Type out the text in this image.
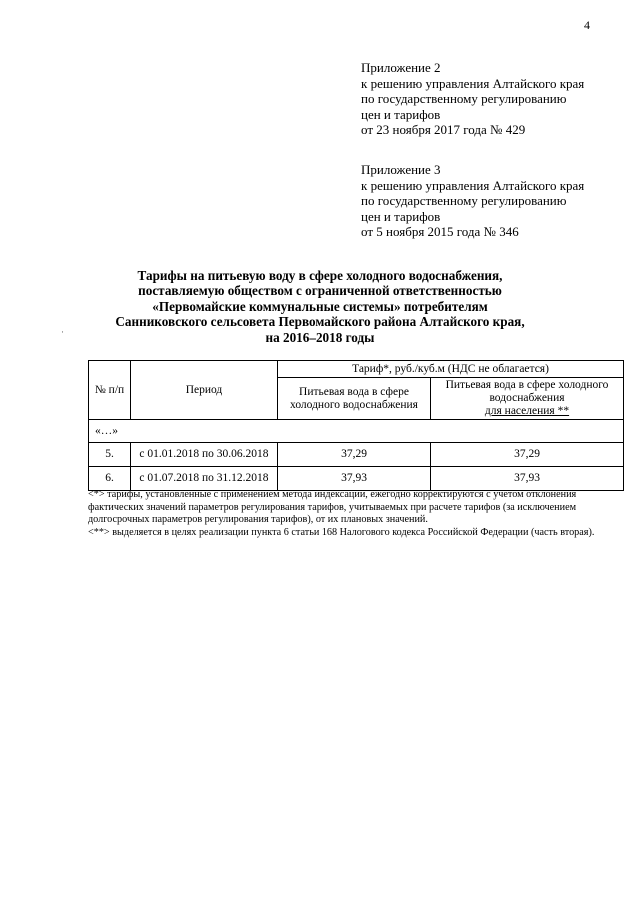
4
Приложение 2
к решению управления Алтайского края
по государственному регулированию
цен и тарифов
от 23 ноября 2017 года № 429
Приложение 3
к решению управления Алтайского края
по государственному регулированию
цен и тарифов
от 5 ноября 2015 года № 346
Тарифы на питьевую воду в сфере холодного водоснабжения,
поставляемую обществом с ограниченной ответственностью
«Первомайские коммунальные системы» потребителям
Санниковского сельсовета Первомайского района Алтайского края,
на 2016–2018 годы
·
№ п/п	Период	Тариф*, руб./куб.м (НДС не облагается)	
		Питьевая вода в сфере холодного водоснабжения	Питьевая вода в сфере холодного водоснабжения
для населения **
«…»			
5.	с 01.01.2018 по 30.06.2018	37,29	37,29
6.	с 01.07.2018 по 31.12.2018	37,93	37,93

<*> тарифы, установленные с применением метода индексации, ежегодно корректируются с учетом отклонения фактических значений параметров регулирования тарифов, учитываемых при расчете тарифов (за исключением долгосрочных параметров регулирования тарифов), от их плановых значений.

<**> выделяется в целях реализации пункта 6 статьи 168 Налогового кодекса Российской Федерации (часть вторая).
